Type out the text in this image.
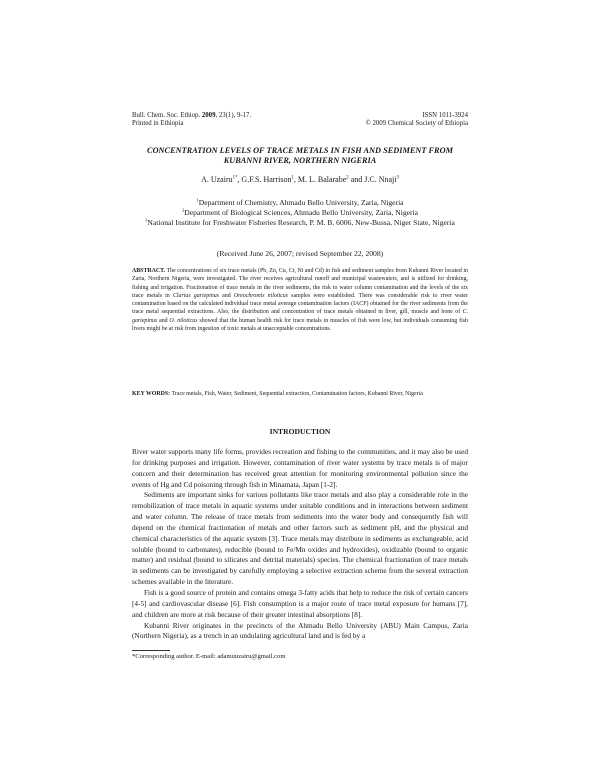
Bull. Chem. Soc. Ethiop. 2009, 23(1), 9-17.
Printed in Ethiopia
ISSN 1011-3924
© 2009 Chemical Society of Ethiopia
CONCENTRATION LEVELS OF TRACE METALS IN FISH AND SEDIMENT FROM
KUBANNI RIVER, NORTHERN NIGERIA
A. Uzairu$^{1*}$, G.F.S. Harrison$^1$, M. L. Balarabe$^2$ and J.C. Nnaji$^3$
$^1$Department of Chemistry, Ahmadu Bello University, Zaria, Nigeria
$^2$Department of Biological Sciences, Ahmadu Bello University, Zaria, Nigeria
$^3$National Institute for Freshwater Fisheries Research, P. M. B. 6006, New-Bussa, Niger State, Nigeria
(Received June 26, 2007; revised September 22, 2008)
ABSTRACT. The concentrations of six trace metals (Pb, Zn, Cu, Cr, Ni and Cd) in fish and sediment samples from Kubanni River located in Zaria, Northern Nigeria, were investigated. The river receives agricultural runoff and municipal wastewaters, and is utilized for drinking, fishing and irrigation. Fractionation of trace metals in the river sediments, the risk to water column contamination and the levels of the six trace metals in Clarias gariepinus and Oreochromis niloticus samples were established. There was considerable risk to river water contamination based on the calculated individual trace metal average contamination factors (IACF) obtained for the river sediments from the trace metal sequential extractions. Also, the distribution and concentration of trace metals obtained in liver, gill, muscle and bone of C. gariepinus and O. niloticus showed that the human health risk for trace metals in muscles of fish were low, but individuals consuming fish livers might be at risk from ingestion of toxic metals at unacceptable concentrations.
KEY WORDS: Trace metals, Fish, Water, Sediment, Sequential extraction, Contamination factors, Kubanni River, Nigeria
INTRODUCTION

River water supports many life forms, provides recreation and fishing to the communities, and it may also be used for drinking purposes and irrigation. However, contamination of river water systems by trace metals is of major concern and their determination has received great attention for monitoring environmental pollution since the events of Hg and Cd poisoning through fish in Minamata, Japan [1-2].

Sediments are important sinks for various pollutants like trace metals and also play a considerable role in the remobilization of trace metals in aquatic systems under suitable conditions and in interactions between sediment and water column. The release of trace metals from sediments into the water body and consequently fish will depend on the chemical fractionation of metals and other factors such as sediment pH, and the physical and chemical characteristics of the aquatic system [3]. Trace metals may distribute in sediments as exchangeable, acid soluble (bound to carbonates), reducible (bound to Fe/Mn oxides and hydroxides), oxidizable (bound to organic matter) and residual (bound to silicates and detrital materials) species. The chemical fractionation of trace metals in sediments can be investigated by carefully employing a selective extraction scheme from the several extraction schemes available in the literature.

Fish is a good source of protein and contains omega 3-fatty acids that help to reduce the risk of certain cancers [4-5] and cardiovascular disease [6]. Fish consumption is a major route of trace metal exposure for humans [7], and children are more at risk because of their greater intestinal absorptions [8].

Kubanni River originates in the precincts of the Ahmadu Bello University (ABU) Main Campus, Zaria (Northern Nigeria), as a trench in an undulating agricultural land and is fed by a

*Corresponding author. E-mail: adamuuzairu@gmail.com
